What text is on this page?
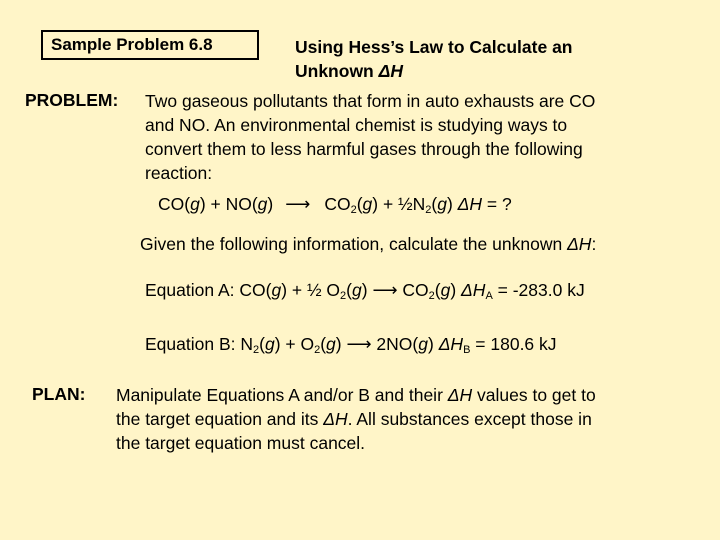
Sample Problem 6.8	Using Hess’s Law to Calculate an
Unknown ΔH
PROBLEM: Two gaseous pollutants that form in auto exhausts are CO
and NO. An environmental chemist is studying ways to
convert them to less harmful gases through the following
reaction:
CO(g) + NO(g) ⟶ $CO_2(g)$ + $\frac{1}{2}N_2(g) \Delta H$ = ?
Given the following information, calculate the unknown ΔH:
Equation A: CO(g) + ½ $O_2(g)$ ⟶ $CO_2(g) \Delta H_A = -283.0$ kJ
Equation B: $N_2(g) + O_2(g)$ ⟶ 2NO(g) $\Delta H_B = 180.6$ kJ
PLAN: Manipulate Equations A and/or B and their ΔH values to get to
the target equation and its ΔH. All substances except those in
the target equation must cancel.
